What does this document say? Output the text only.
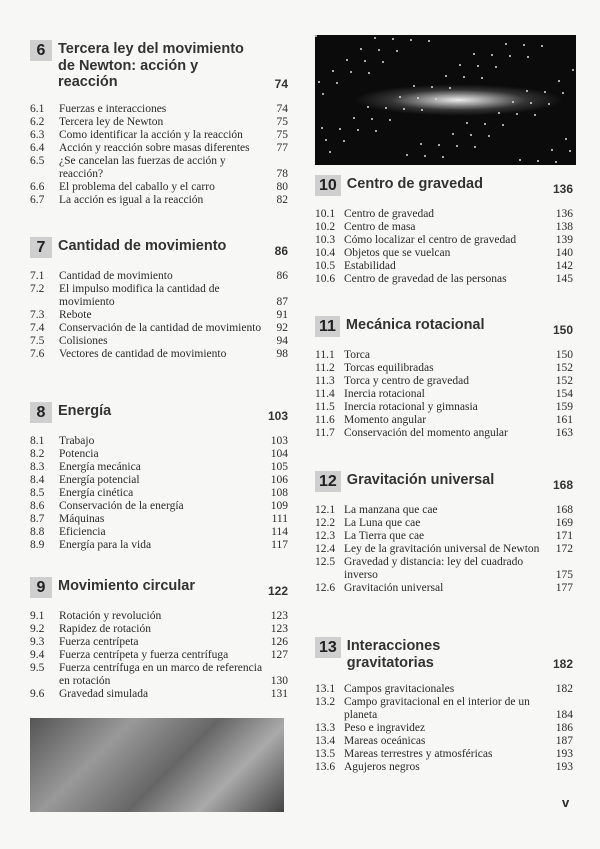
v
6 Tercera ley del movimiento de Newton: acción y reacción	74
6.1	Fuerzas e interacciones	74
6.2	Tercera ley de Newton	75
6.3	Como identificar la acción y la reacción	75
6.4	Acción y reacción sobre masas diferentes	77
6.5	¿Se cancelan las fuerzas de acción y reacción?	78
6.6	El problema del caballo y el carro	80
6.7	La acción es igual a la reacción	82
7 Cantidad de movimiento	86
7.1	Cantidad de movimiento	86
7.2	El impulso modifica la cantidad de movimiento	87
7.3	Rebote	91
7.4	Conservación de la cantidad de movimiento	92
7.5	Colisiones	94
7.6	Vectores de cantidad de movimiento	98
8 Energía	103
8.1	Trabajo	103
8.2	Potencia	104
8.3	Energía mecánica	105
8.4	Energía potencial	106
8.5	Energía cinética	108
8.6	Conservación de la energía	109
8.7	Máquinas	111
8.8	Eficiencia	114
8.9	Energía para la vida	117
9 Movimiento circular	122
9.1	Rotación y revolución	123
9.2	Rapidez de rotación	123
9.3	Fuerza centrípeta	126
9.4	Fuerza centrípeta y fuerza centrífuga	127
9.5	Fuerza centrífuga en un marco de referencia en rotación	130
9.6	Gravedad simulada	131
10 Centro de gravedad	136
10.1 Centro de gravedad	136
10.2 Centro de masa	138
10.3 Cómo localizar el centro de gravedad	139
10.4 Objetos que se vuelcan	140
10.5 Estabilidad	142
10.6 Centro de gravedad de las personas	145
11 Mecánica rotacional	150
11.1 Torca	150
11.2 Torcas equilibradas	152
11.3 Torca y centro de gravedad	152
11.4 Inercia rotacional	154
11.5 Inercia rotacional y gimnasia	159
11.6 Momento angular	161
11.7 Conservación del momento angular	163
12 Gravitación universal	168
12.1 La manzana que cae	168
12.2 La Luna que cae	169
12.3 La Tierra que cae	171
12.4 Ley de la gravitación universal de Newton	172
12.5 Gravedad y distancia: ley del cuadrado inverso	175
12.6 Gravitación universal	177
13 Interacciones gravitatorias	182
13.1 Campos gravitacionales	182
13.2 Campo gravitacional en el interior de un planeta	184
13.3 Peso e ingravidez	186
13.4 Mareas oceánicas	187
13.5 Mareas terrestres y atmosféricas	193
13.6 Agujeros negros	193
